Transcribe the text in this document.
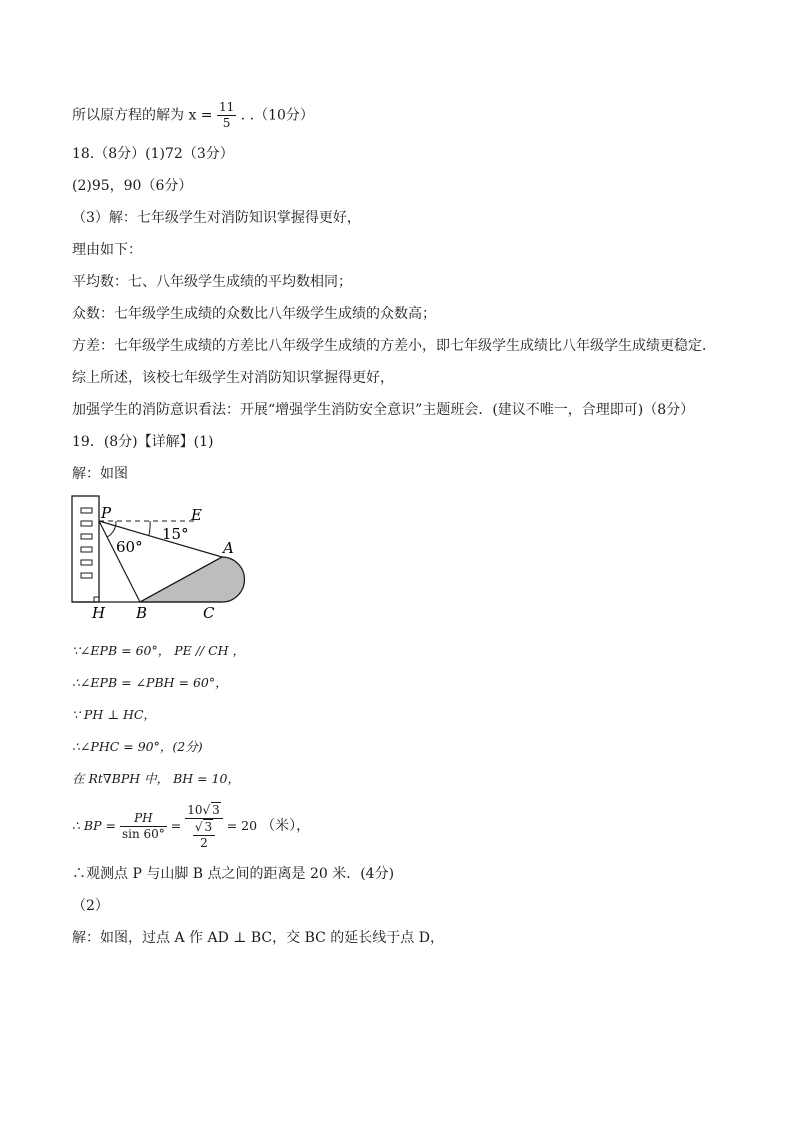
所以原方程的解为 $x = \frac{11}{5}$ . .（10分）
18.（8分）(1)72（3分）
(2)95，90（6分）
（3）解：七年级学生对消防知识掌握得更好，
理由如下：
平均数：七、八年级学生成绩的平均数相同；
众数：七年级学生成绩的众数比八年级学生成绩的众数高；
方差：七年级学生成绩的方差比八年级学生成绩的方差小，即七年级学生成绩比八年级学生成绩更稳定．
综上所述，该校七年级学生对消防知识掌握得更好，
加强学生的消防意识看法：开展“增强学生消防安全意识”主题班会．(建议不唯一，合理即可)（8分）
19．(8分)【详解】(1)
解：如图
P	E
A
H B	C
15°
60°
∵∠EPB = 60°， PE // CH ，
∴∠EPB = ∠PBH = 60°，
∵ PH ⊥ HC，
∴∠PHC = 90°，(2分)
在 Rt∇BPH 中， BH = 10，
∴ BP = $\frac{PH}{\sin 60^\circ} = \frac{10√ 3}{\frac{√ 3}{2}} = 20$ （米），
∴观测点 P 与山脚 B 点之间的距离是 20 米．(4分)
（2）
解：如图，过点 A 作 AD ⊥ BC，交 BC 的延长线于点 D，
